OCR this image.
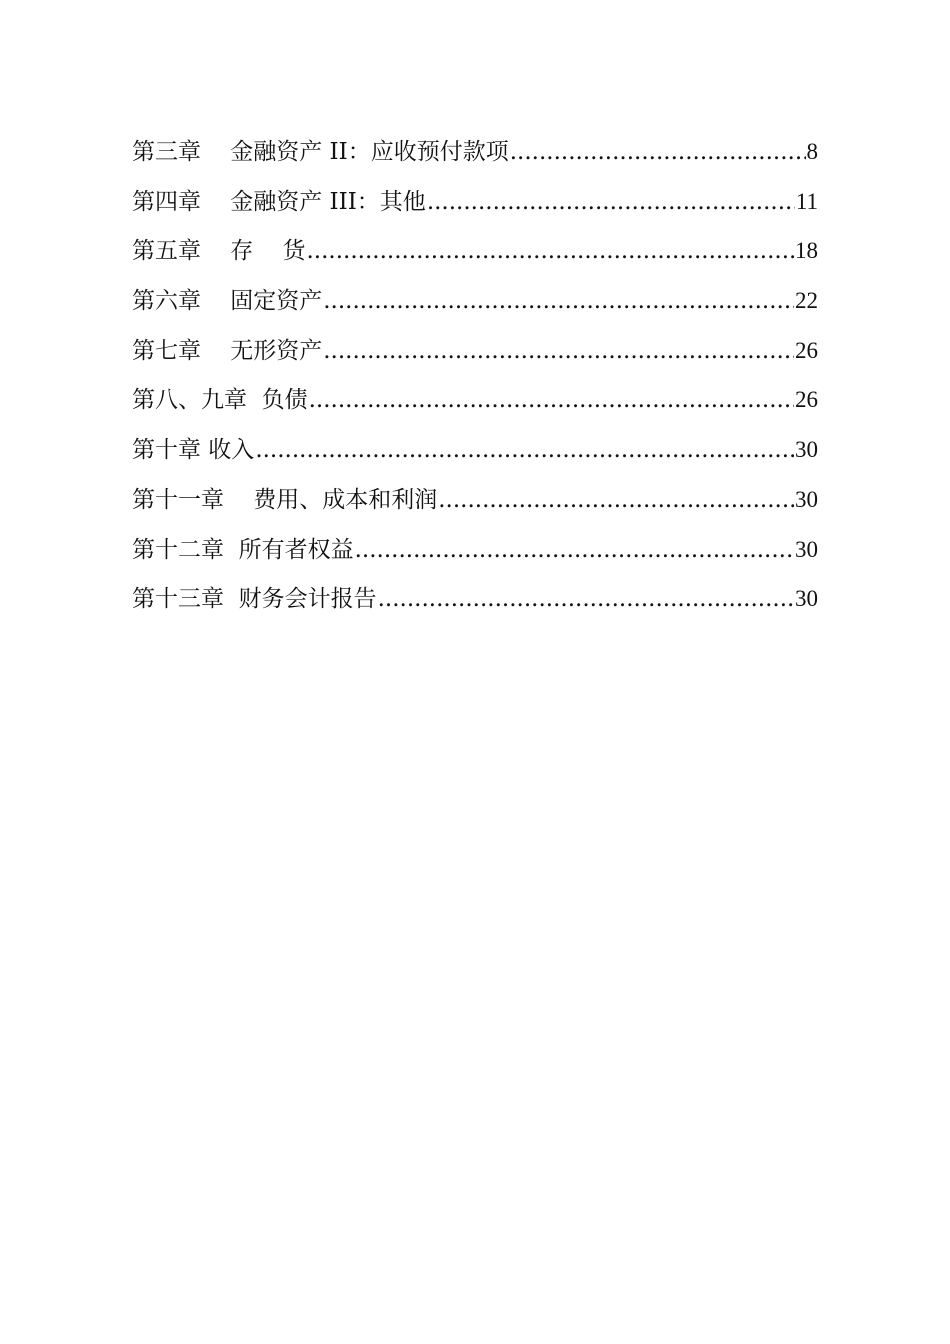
第三章    金融资产 II：应收预付款项 .....	8
第四章    金融资产 III：其他 .....	11
第五章    存    货 .....	18
第六章    固定资产 .....	22
第七章    无形资产 .....	26
第八、九章  负债 .....	26
第十章 收入 .....	30
第十一章    费用、成本和利润 .....	30
第十二章  所有者权益 .....	30
第十三章  财务会计报告 .....	30
